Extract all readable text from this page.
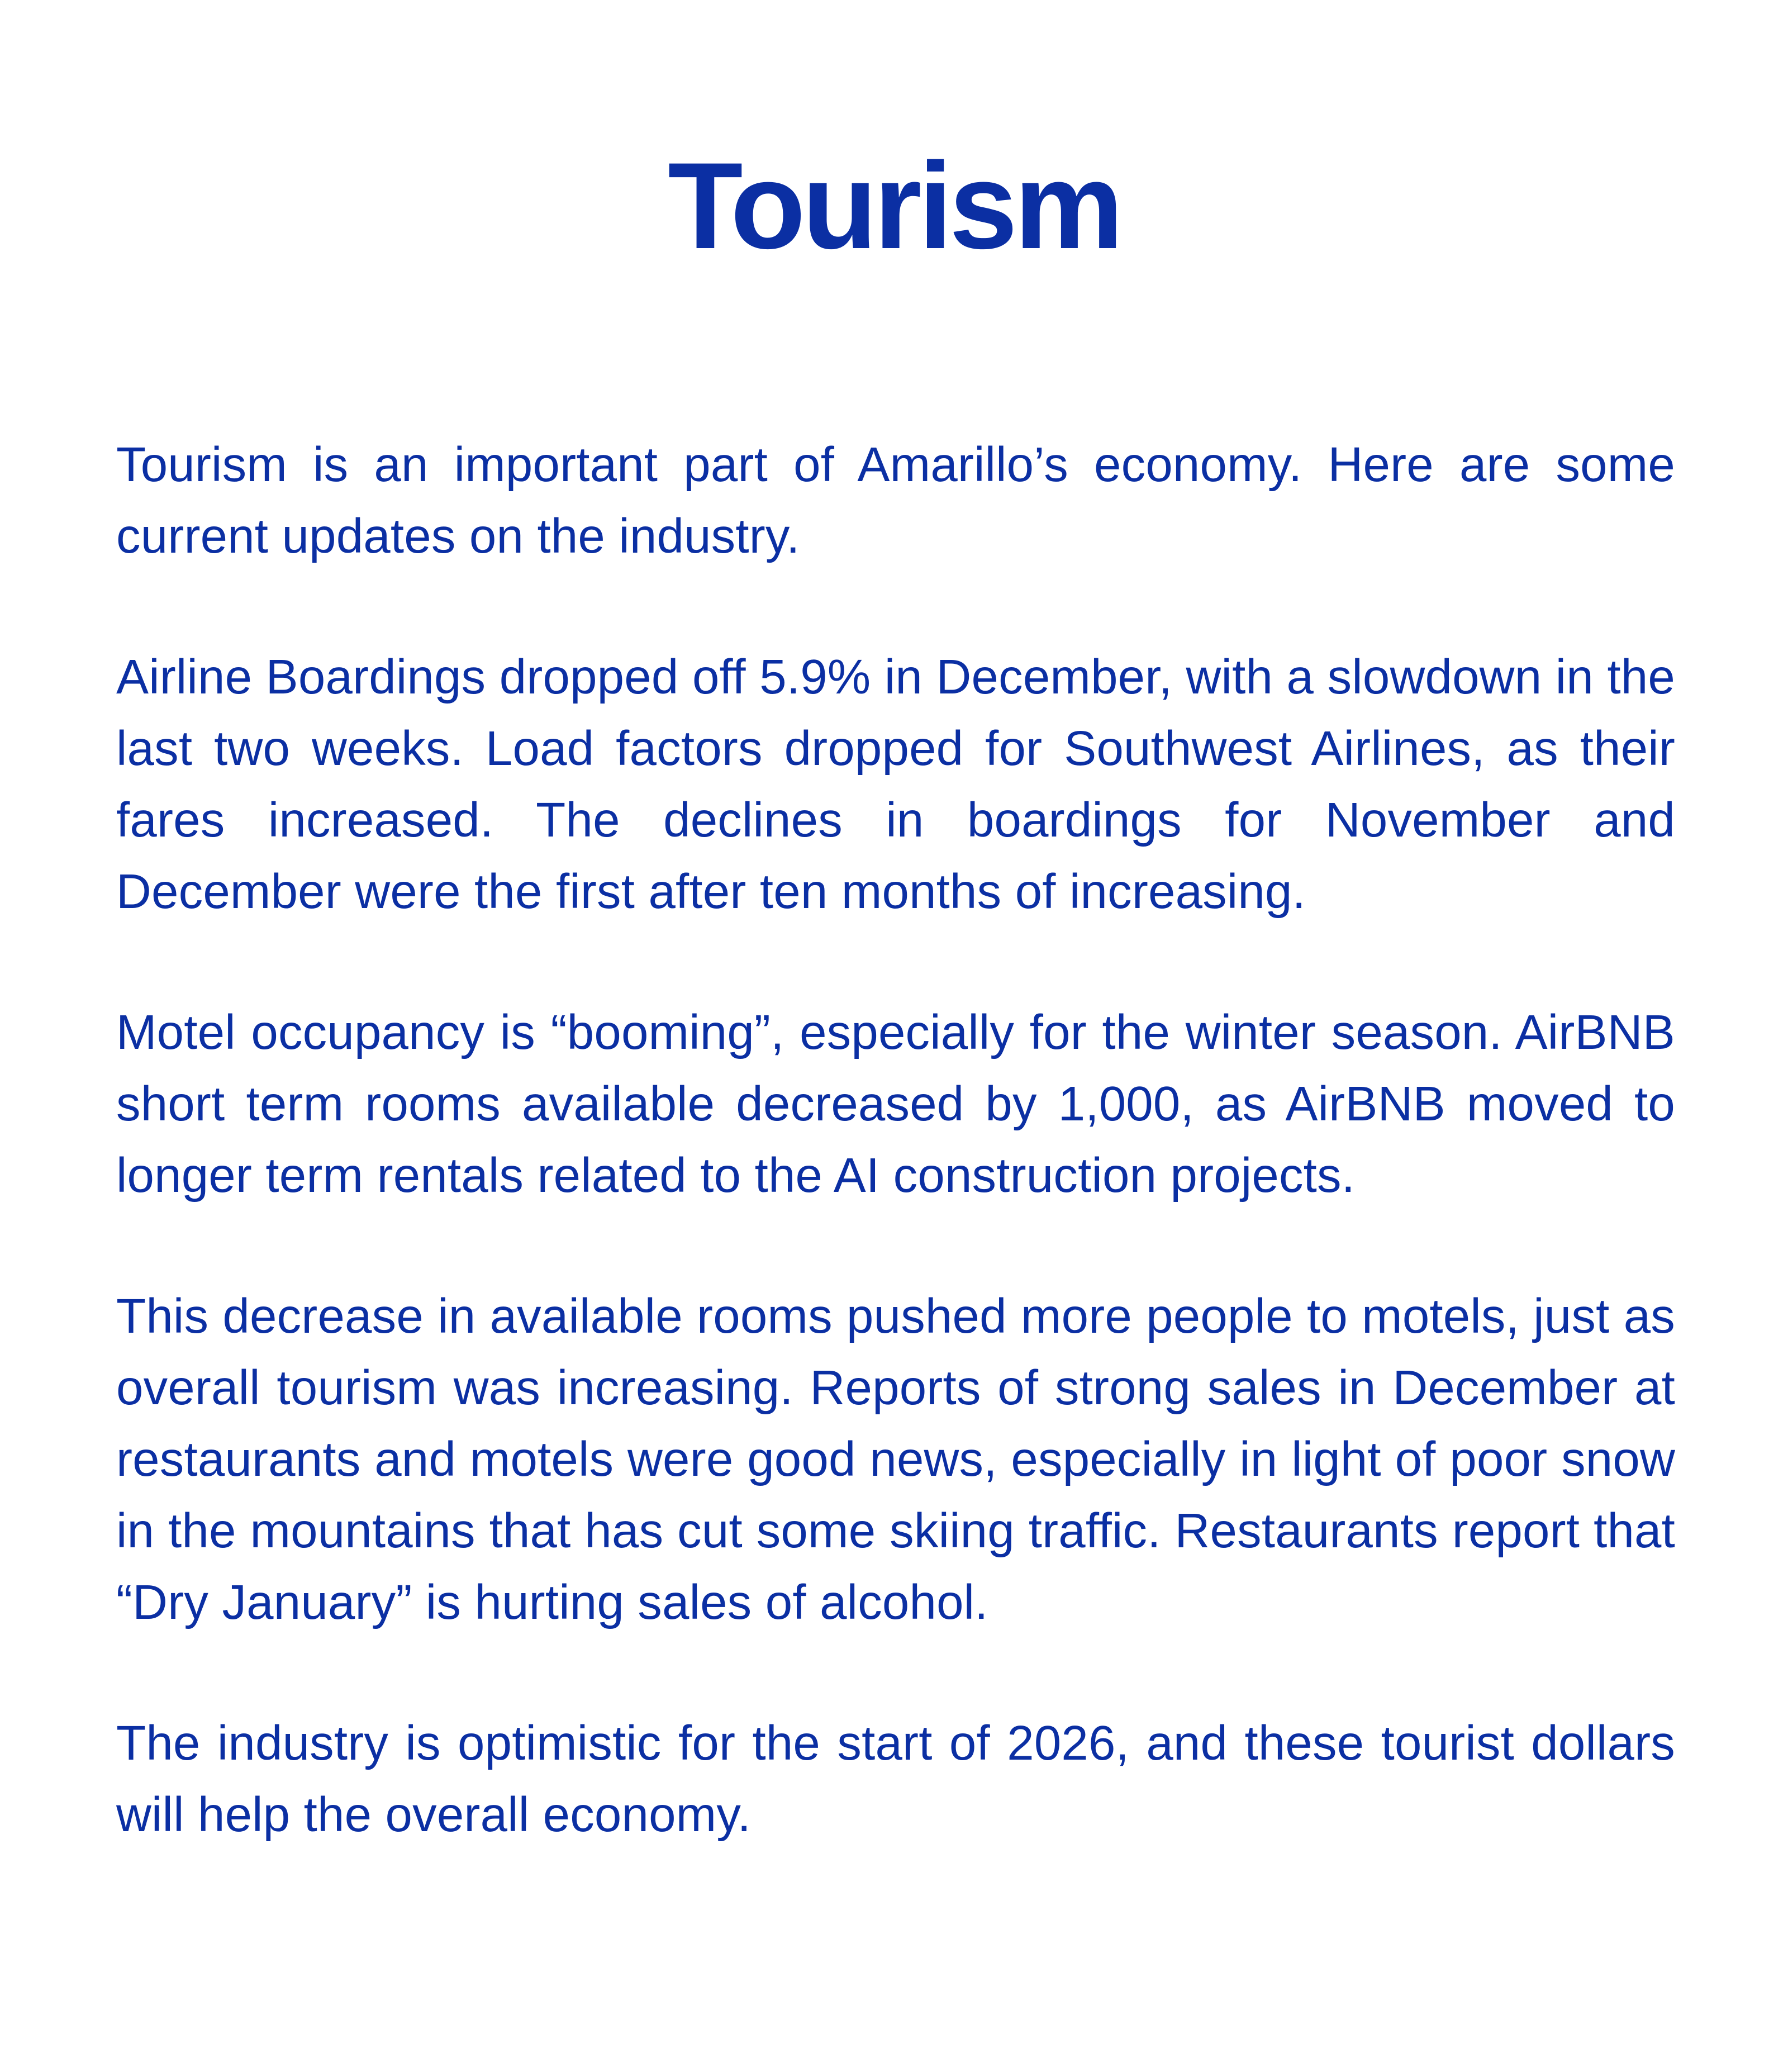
Tourism

Tourism is an important part of Amarillo’s economy. Here are some current updates on the industry.

Airline Boardings dropped off 5.9% in December, with a slowdown in the last two weeks. Load factors dropped for Southwest Airlines, as their fares increased. The declines in boardings for November and December were the first after ten months of increasing.

Motel occupancy is “booming”, especially for the winter season. AirBNB short term rooms available decreased by 1,000, as AirBNB moved to longer term rentals related to the AI construction projects.

This decrease in available rooms pushed more people to motels, just as overall tourism was increasing. Reports of strong sales in December at restaurants and motels were good news, especially in light of poor snow in the mountains that has cut some skiing traffic. Restaurants report that “Dry January” is hurting sales of alcohol.

The industry is optimistic for the start of 2026, and these tourist dollars will help the overall economy.
